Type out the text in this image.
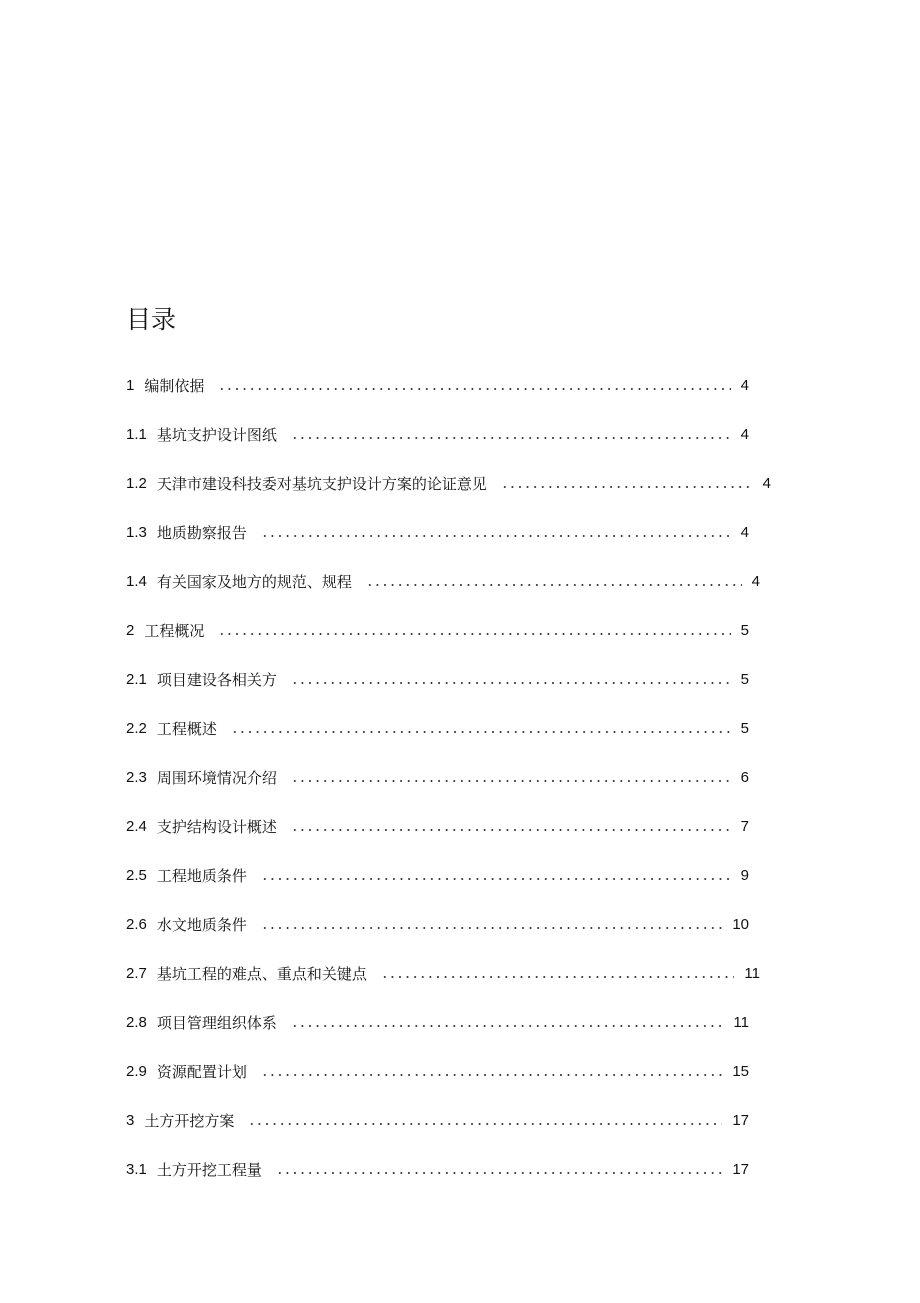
目录
1 编制依据	4
1.1 基坑支护设计图纸	4
1.2 天津市建设科技委对基坑支护设计方案的论证意见	4
1.3 地质勘察报告	4
1.4 有关国家及地方的规范、规程	4
2 工程概况	5
2.1 项目建设各相关方	5
2.2 工程概述	5
2.3 周围环境情况介绍	6
2.4 支护结构设计概述	7
2.5 工程地质条件	9
2.6 水文地质条件	10
2.7 基坑工程的难点、重点和关键点	11
2.8 项目管理组织体系	11
2.9 资源配置计划	15
3 土方开挖方案	17
3.1 土方开挖工程量	17
